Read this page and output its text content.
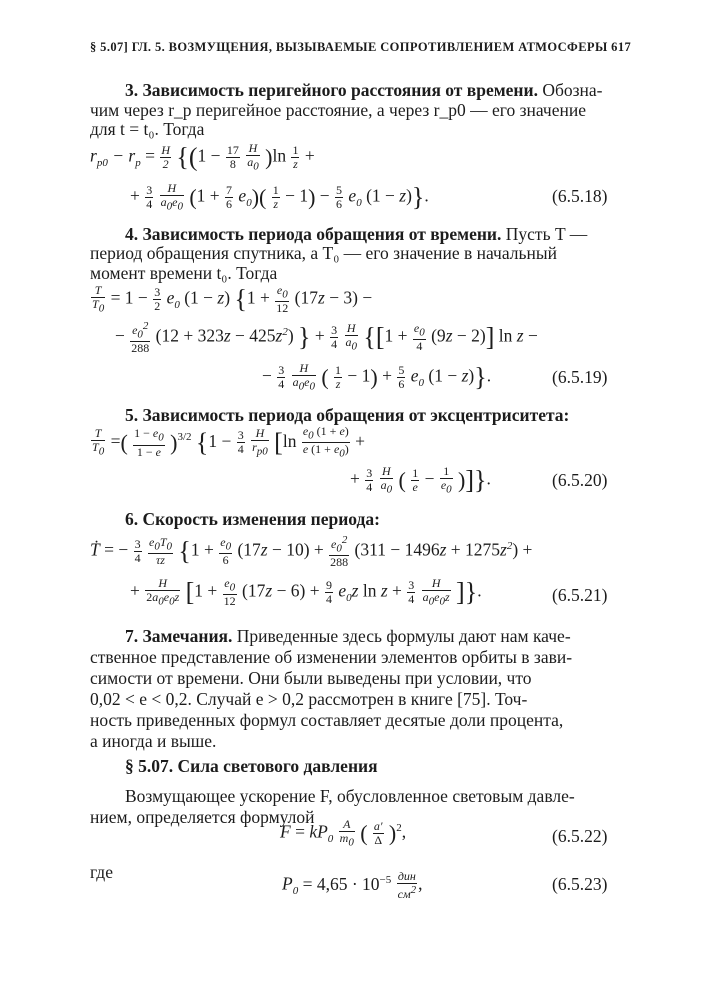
§ 5.07] ГЛ. 5. ВОЗМУЩЕНИЯ, ВЫЗЫВАЕМЫЕ СОПРОТИВЛЕНИЕМ АТМОСФЕРЫ 617
3. Зависимость перигейного расстояния от времени. Обозна-
чим через r_p перигейное расстояние, а через r_p0 — его значение
для t = t₀. Тогда
$r_{p0} - r_p = \frac{H}{2} \{(1 - \frac{17}{8}$
$\frac{H}{a_0} )\ln \frac{1}{z}$ +
+ $\frac{3}{4}$
$\frac{H}{a_0e_0} (1 + \frac{7}{6} e_0)( \frac{1}{z} - 1) - \frac{5}{6} e_0$ (1 − z)}.	(6.5.18)
4. Зависимость периода обращения от времени. Пусть T —
период обращения спутника, а T₀ — его значение в начальный
момент времени t₀. Тогда
$\frac{T}{T_0} = 1 - \frac{3}{2} e_0$ (1 − z) {$1 + \frac{e_0}{12} (17z - 3)$ −
− $\frac{e_0^2}{288} (12 + 323z - 425z^2)$ } + $\frac{3}{4}$
$\frac{H}{a_0} \{[1 + \frac{e_0}{4} (9z - 2)]$ ln z −
− $\frac{3}{4}$
$\frac{H}{a_0e_0}$ ( $\frac{1}{z} - 1) + \frac{5}{6} e_0$ (1 − z)}.	(6.5.19)
5. Зависимость периода обращения от эксцентриситета:
$\frac{T}{T_0}$ =( $\frac{1 - e_0}{1 - e} )^{3/2}$ {$1 - \frac{3}{4}$
$\frac{H}{r_{p0}} [\ln \frac{e_0 (1 + e)}{e (1 + e_0)}$ +
+ $\frac{3}{4}$
$\frac{H}{a_0}$ ( $\frac{1}{e} - \frac{1}{e_0}$ )]}.	(6.5.20)
6. Скорость изменения периода:
Ṫ = − $\frac{3}{4}$
$\frac{e_0T_0}{\tau z} \{1 + \frac{e_0}{6} (17z - 10) + \frac{e_0^2}{288} (311 - 1496z + 1275z^2)$ +
+ $\frac{H}{2a_0e_0z} [1 + \frac{e_0}{12} (17z - 6) + \frac{9}{4} e_0z$ $\ln z + \frac{3}{4}$
$\frac{H}{a_0e_0z}$ ]}.	(6.5.21)
7. Замечания. Приведенные здесь формулы дают нам каче-
ственное представление об изменении элементов орбиты в зави-
симости от времени. Они были выведены при условии, что
0,02 < e < 0,2. Случай e > 0,2 рассмотрен в книге [75]. Точ-
ность приведенных формул составляет десятые доли процента,
а иногда и выше.
§ 5.07. Сила светового давления
Возмущающее ускорение F, обусловленное световым давле-
нием, определяется формулой
$F = kP_0 \frac{A}{m_0}$ ( $\frac{a'}{\Delta} )^2$,	(6.5.22)
где
$P_0 = 4,65 \cdot 10^{-5} \frac{\text{дин}}{см^2}$ ,	(6.5.23)
